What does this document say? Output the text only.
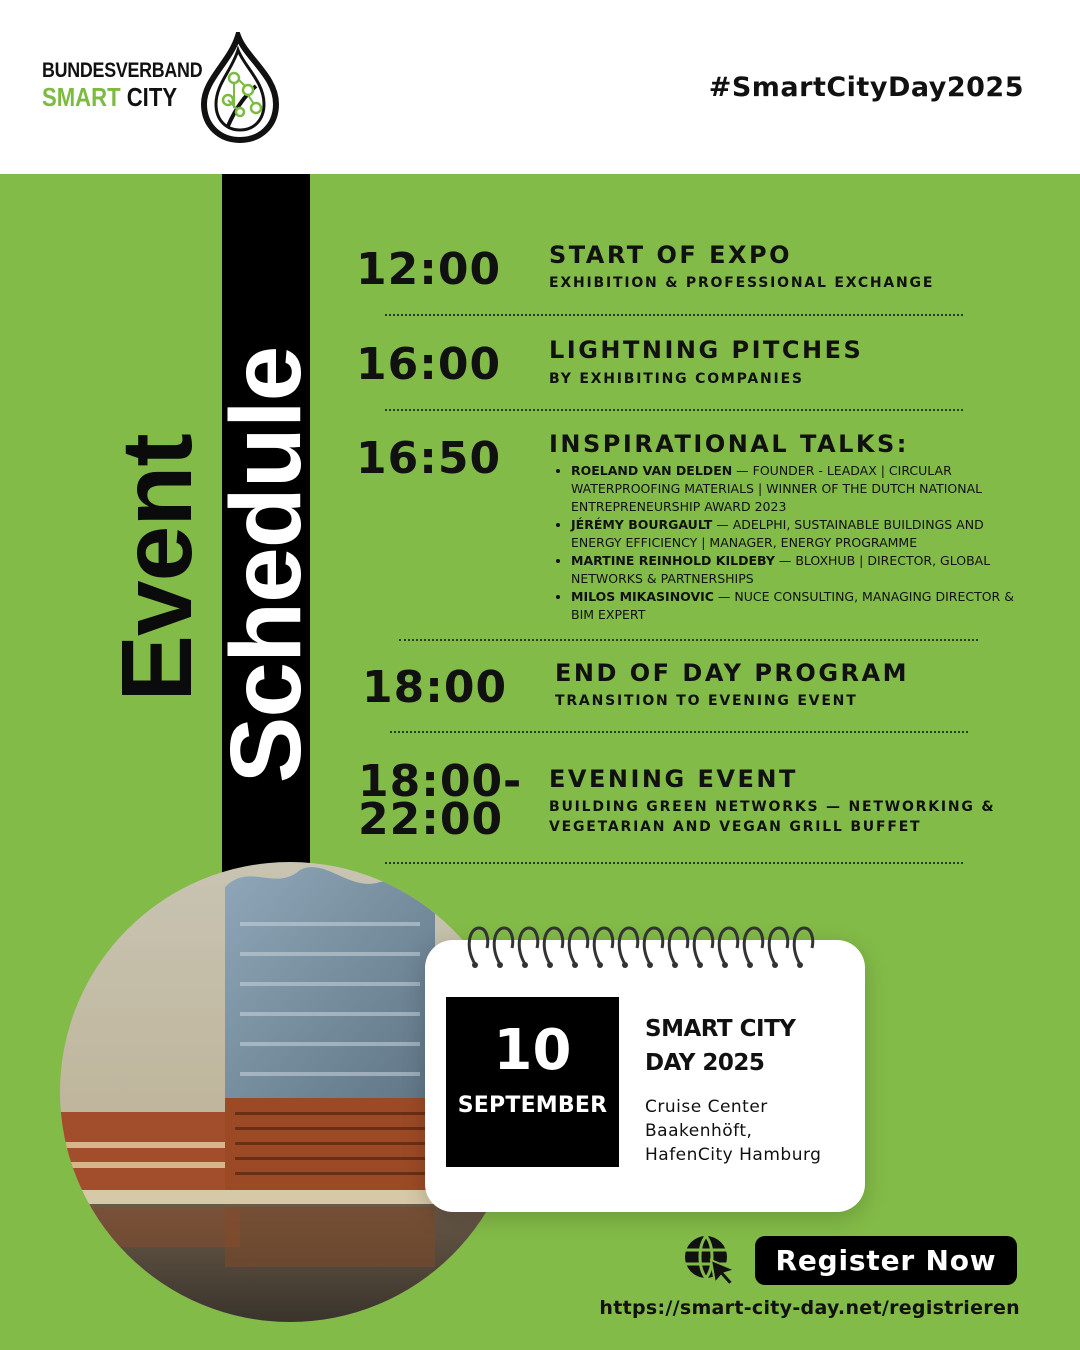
BUNDESVERBAND
SMART CITY	#SmartCityDay2025
Event
Schedule
12:00 START OF EXPO
EXHIBITION & PROFESSIONAL EXCHANGE
16:00 LIGHTNING PITCHES
BY EXHIBITING COMPANIES
16:50 INSPIRATIONAL TALKS:
• ROELAND VAN DELDEN — FOUNDER - LEADAX | CIRCULAR WATERPROOFING MATERIALS | WINNER OF THE DUTCH NATIONAL ENTREPRENEURSHIP AWARD 2023
• JÉRÉMY BOURGAULT — ADELPHI, SUSTAINABLE BUILDINGS AND ENERGY EFFICIENCY | MANAGER, ENERGY PROGRAMME
• MARTINE REINHOLD KILDEBY — BLOXHUB | DIRECTOR, GLOBAL NETWORKS & PARTNERSHIPS
• MILOS MIKASINOVIC — NUCE CONSULTING, MANAGING DIRECTOR & BIM EXPERT
18:00 END OF DAY PROGRAM
TRANSITION TO EVENING EVENT
18:00-
22:00
EVENING EVENT
BUILDING GREEN NETWORKS — NETWORKING &
VEGETARIAN AND VEGAN GRILL BUFFET
10
SEPTEMBER
SMART CITY
DAY 2025
Cruise Center
Baakenhöft,
HafenCity Hamburg
Register Now
https://smart-city-day.net/registrieren
